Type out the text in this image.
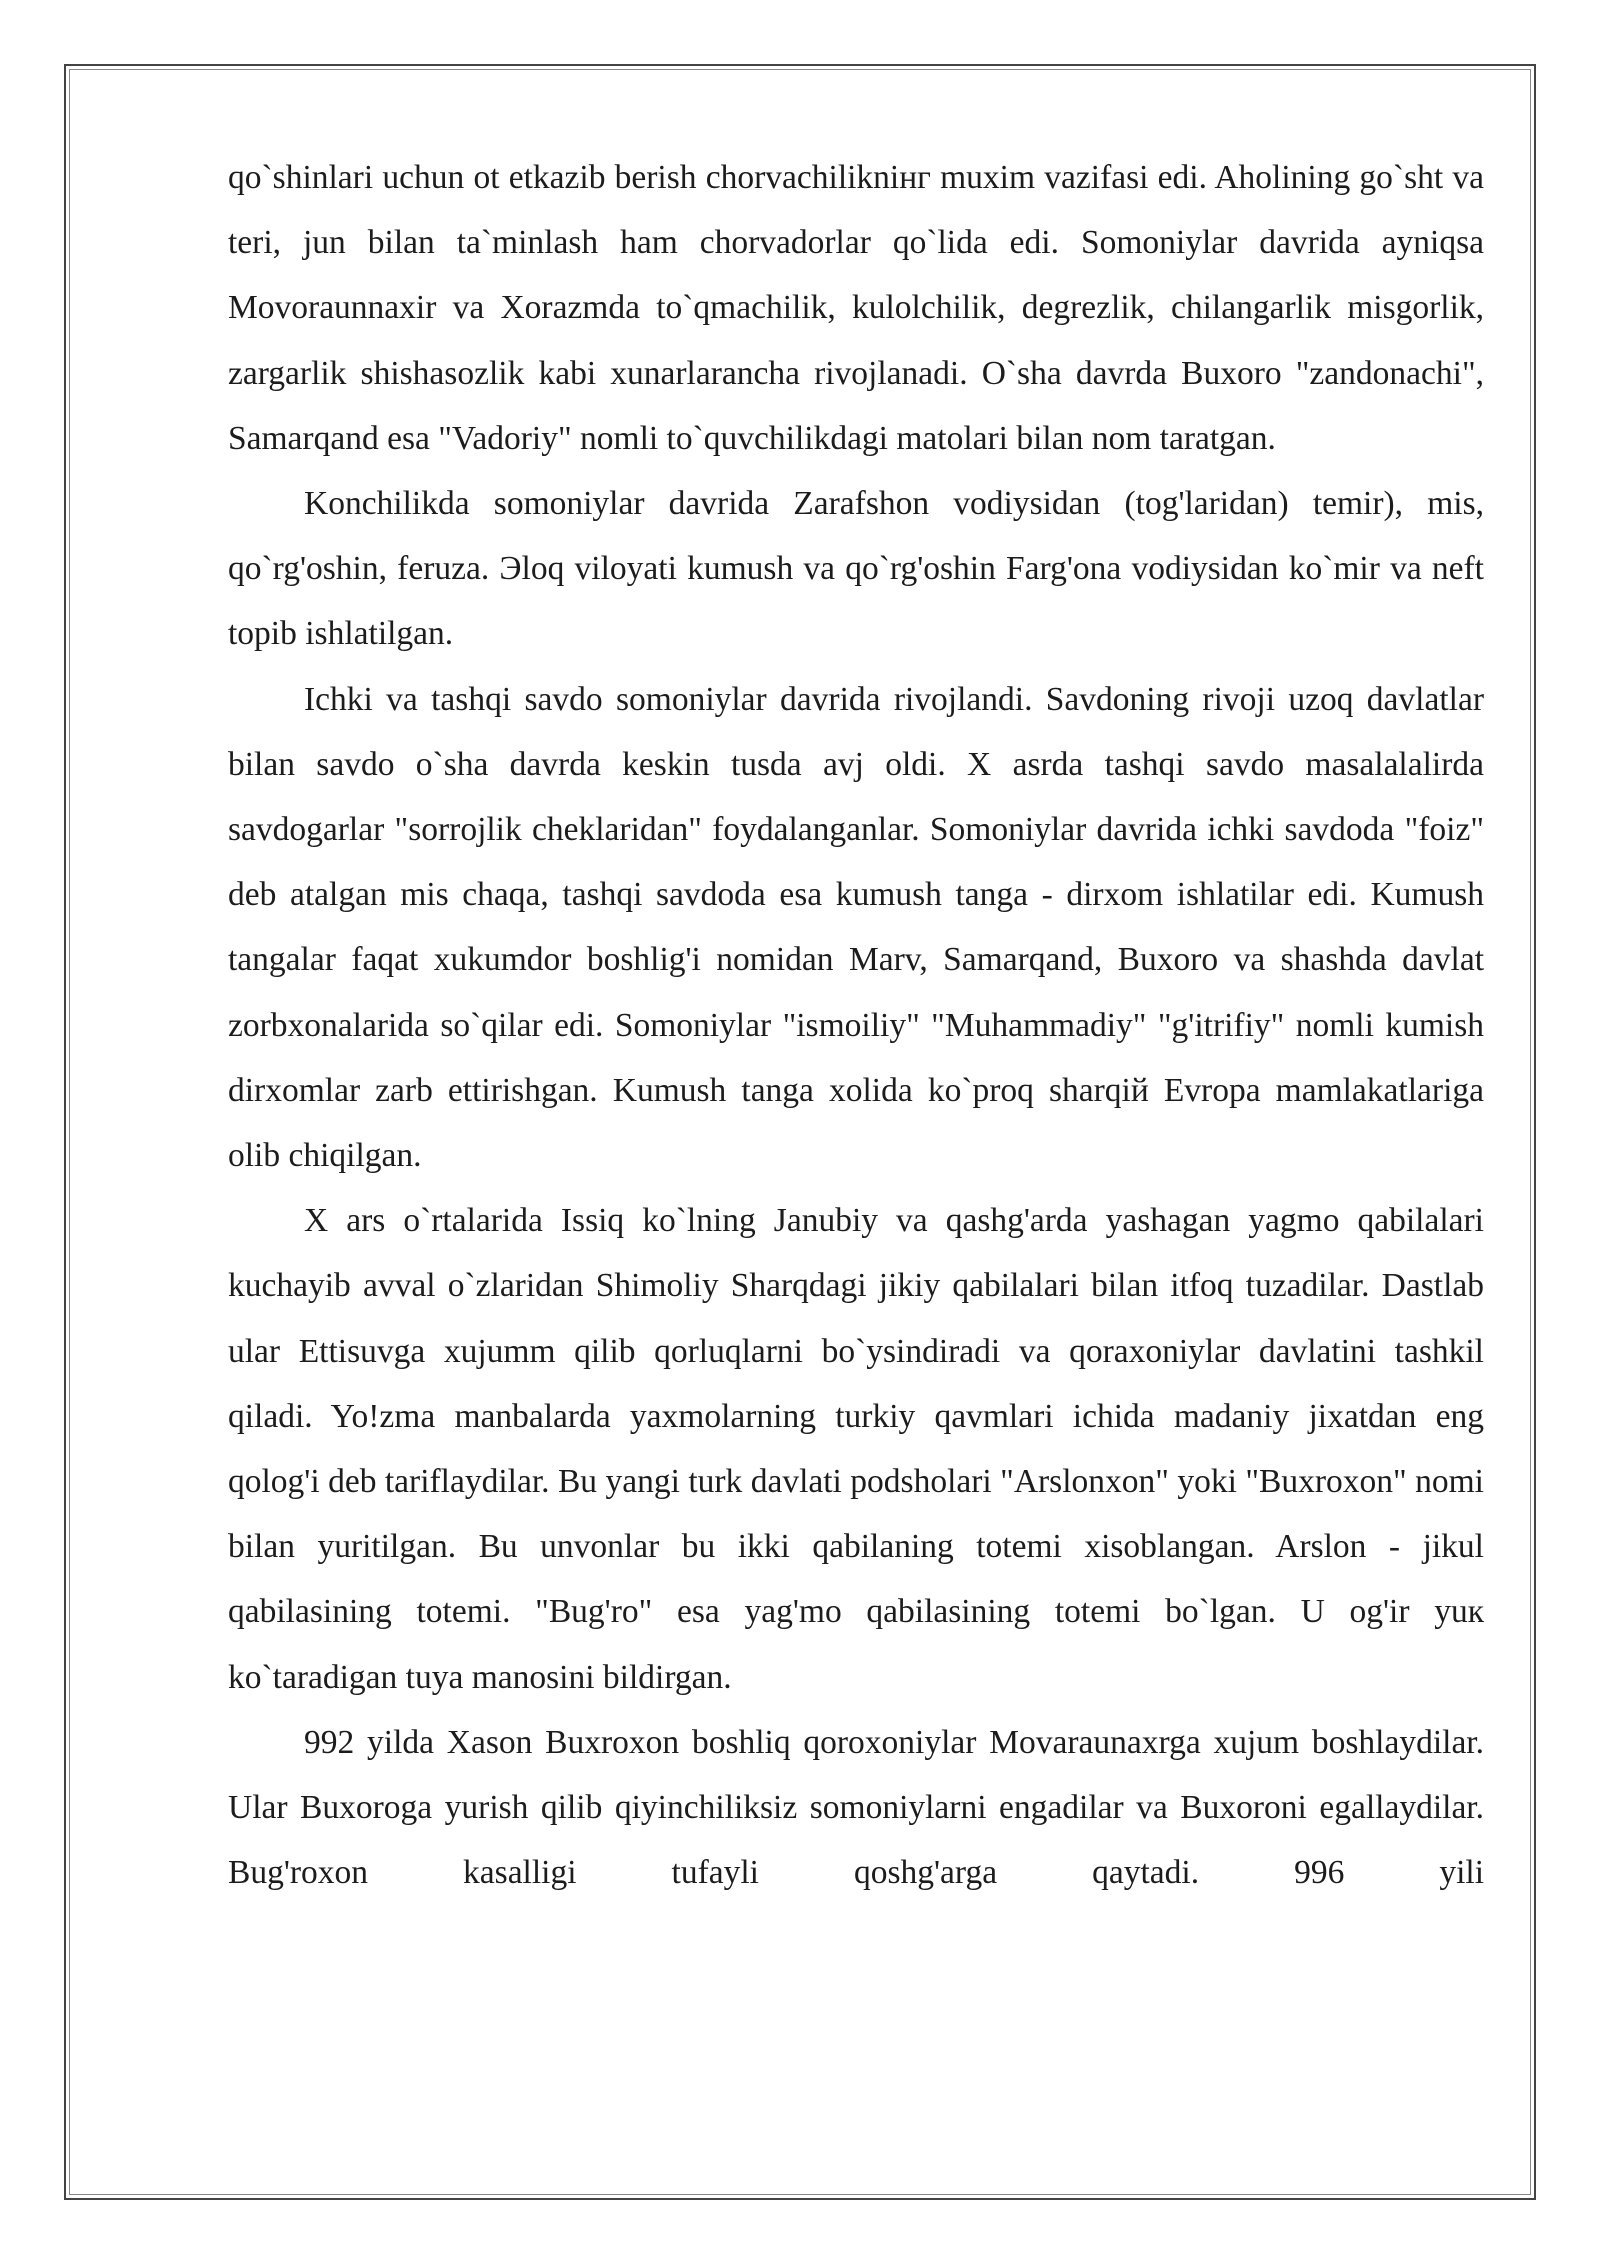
qo`shinlari uchun ot etkazib berish chorvachilikniнг muxim vazifasi edi. Aholining go`sht va teri, jun bilan ta`minlash ham chorvadorlar qo`lida edi. Somoniylar davrida ayniqsa Movoraunnaxir va Xorazmda to`qmachilik, kulolchilik, degrezlik, chilangarlik misgorlik, zargarlik shishasozlik kabi xunarlarancha rivojlanadi. O`sha davrda Buxoro "zandonachi", Samarqand esa "Vadoriy" nomli to`quvchilikdagi matolari bilan nom taratgan.

Konchilikda somoniylar davrida Zarafshon vodiysidan (tog'laridan) temir), mis, qo`rg'oshin, feruza. Эloq viloyati kumush va qo`rg'oshin Farg'ona vodiysidan ko`mir va neft topib ishlatilgan.

Ichki va tashqi savdo somoniylar davrida rivojlandi. Savdoning rivoji uzoq davlatlar bilan savdo o`sha davrda keskin tusda avj oldi. X asrda tashqi savdo masalalalirda savdogarlar "sorrojlik cheklaridan" foydalanganlar. Somoniylar davrida ichki savdoda "foiz" deb atalgan mis chaqa, tashqi savdoda esa kumush tanga - dirxom ishlatilar edi. Kumush tangalar faqat xukumdor boshlig'i nomidan Marv, Samarqand, Buxoro va shashda davlat zorbxonalarida so`qilar edi. Somoniylar "ismoiliy" "Muhammadiy" "g'itrifiy" nomli kumish dirxomlar zarb ettirishgan. Kumush tanga xolida ko`proq sharqiй Evropa mamlakatlariga olib chiqilgan.

X ars o`rtalarida Issiq ko`lning Janubiy va qashg'arda yashagan yagmo qabilalari kuchayib avval o`zlaridan Shimoliy Sharqdagi jikiy qabilalari bilan itfoq tuzadilar. Dastlab ular Ettisuvga xujumm qilib qorluqlarni bo`ysindiradi va qoraxoniylar davlatini tashkil qiladi. Yo!zma manbalarda yaxmolarning turkiy qavmlari ichida madaniy jixatdan eng qolog'i deb tariflaydilar. Bu yangi turk davlati podsholari "Arslonxon" yoki "Buxroxon" nomi bilan yuritilgan. Bu unvonlar bu ikki qabilaning totemi xisoblangan. Arslon - jikul qabilasining totemi. "Bug'ro" esa yag'mo qabilasining totemi bo`lgan. U og'ir yuк ko`taradigan tuya manosini bildirgan.

992 yilda Xason Buxroxon boshliq qoroxoniylar Movaraunaxrga xujum boshlaydilar. Ular Buxoroga yurish qilib qiyinchiliksiz somoniylarni engadilar va Buxoroni egallaydilar. Bug'roxon kasalligi tufayli qoshg'arga qaytadi. 996 yili
